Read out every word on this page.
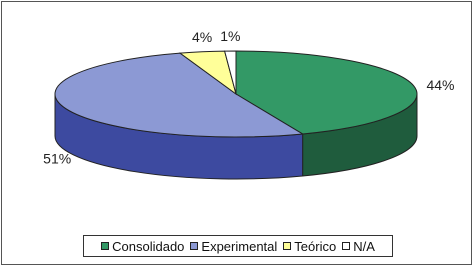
44%
51%
4% 1%
Consolidado Experimental Teórico N/A
